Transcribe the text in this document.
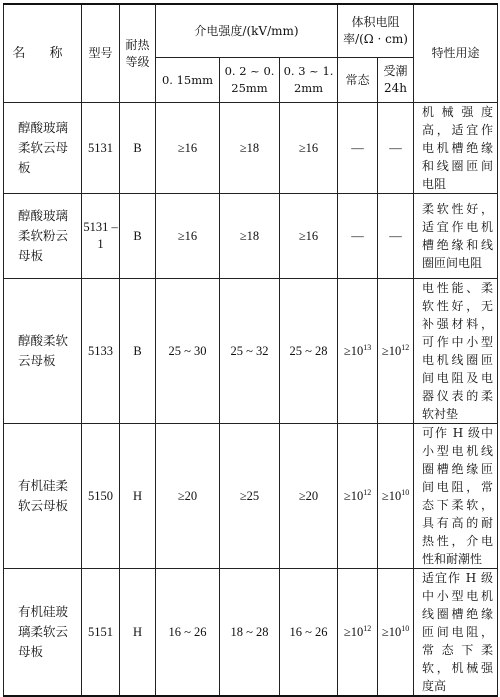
名 称	型号	耐热等级	介电强度/(kV/mm)			体积电阻率/(Ω · cm)		特性用途
			0. 15mm	0. 2 ~ 0. 25mm	0. 3 ~ 1. 2mm	常态	受潮24h	
醇酸玻璃柔软云母板	5131	B	≥16	≥18	≥16	—	—	机械强度高，适宜作电机槽绝缘和线圈匝间电阻
醇酸玻璃柔软粉云母板	5131 – 1	B	≥16	≥18	≥16	—	—	柔软性好，适宜作电机槽绝缘和线圈匝间电阻
醇酸柔软云母板	5133	B	25 ~ 30	25 ~ 32	25 ~ 28	$\ge 10^{13}$	$\ge 10^{12}$	电性能、柔软性好，无补强材料，可作中小型电机线圈匝间电阻及电器仪表的柔软衬垫
有机硅柔软云母板	5150	H	≥20	≥25	≥20	$\ge 10^{12}$	$\ge 10^{10}$	可作 H 级中小型电机线圈槽绝缘匝间电阻，常态下柔软，具有高的耐热性，介电性和耐潮性
有机硅玻璃柔软云母板	5151	H	16 ~ 26	18 ~ 28	16 ~ 26	$\ge 10^{12}$	$\ge 10^{10}$	适宜作 H 级中小型电机线圈槽绝缘匝间电阻，常态下柔软，机械强度高
